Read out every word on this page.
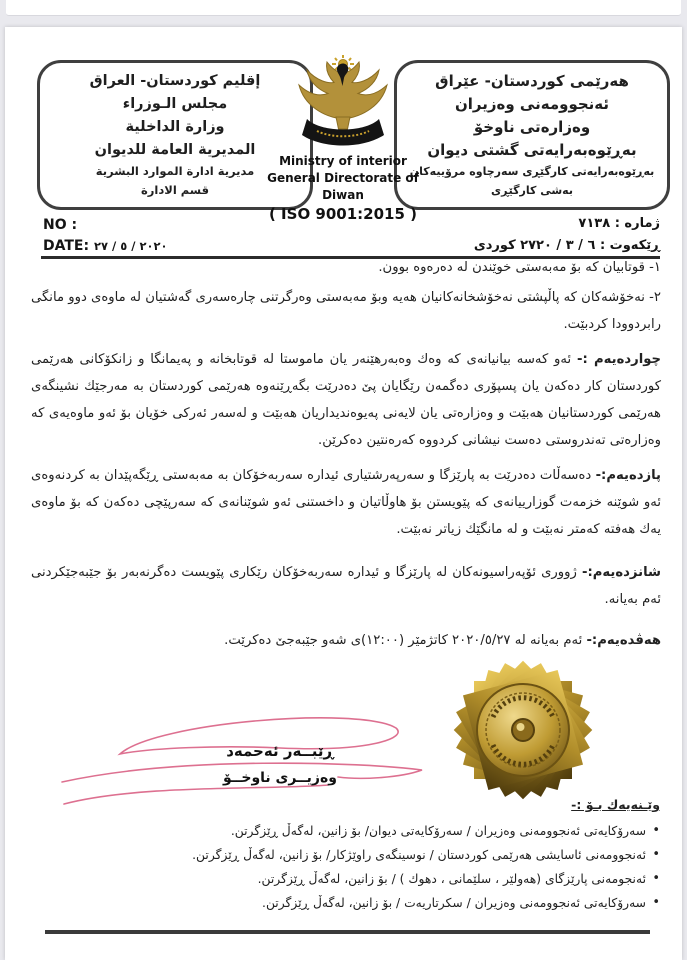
هەرێمی کوردستان- عێراق
ئەنجوومەنی وەزیران
وەزارەتی ناوخۆ
بەڕێوەبەرایەتی گشتی دیوان
بەڕێوەبەرایەتی کارگێڕی سەرچاوە مرۆییەکان
بەشی کارگێڕی
إقليم كوردستان- العراق
مجلس الـوزراء
وزارة الداخلية
المديرية العامة للديوان
مديرية ادارة الموارد البشرية
قسم الادارة
Ministry of interior
General Directorate of Diwan
( ISO 9001:2015 )
NO :
DATE: ٢٠٢٠ / ٥ / ٢٧
ژمارە : ٧١٣٨
ڕێکەوت : ٦ / ٣ / ٢٧٢٠ کوردی

١- قوتابیان کە بۆ مەبەستی خوێندن لە دەرەوە بوون.

٢- نەخۆشەکان کە پاڵپشتی نەخۆشخانەکانیان هەیە وبۆ مەبەستی وەرگرتنی چارەسەری گەشتیان لە ماوەی دوو مانگی رابردوودا کردبێت.

چواردەیەم :- ئەو کەسە بیانیانەی کە وەك وەبەرهێنەر یان ماموستا لە قوتابخانە و پەیمانگا و زانکۆکانی هەرێمی کوردستان کار دەکەن یان پسپۆری دەگمەن رێگایان پێ دەدرێت بگەڕێنەوە هەرێمی کوردستان بە مەرجێك نشینگەی هەرێمی کوردستانیان هەبێت و وەزارەتی یان لایەنی پەیوەندیداریان هەبێت و لەسەر ئەرکی خۆیان بۆ ئەو ماوەیەی کە وەزارەتی تەندروستی دەست نیشانی کردووە کەرەنتین دەکرێن.

پازدەیەم:- دەسەڵات دەدرێت بە پارێزگا و سەرپەرشتیاری ئیدارە سەربەخۆکان بە مەبەستی ڕێگەپێدان بە کردنەوەی ئەو شوێنە خزمەت گوزارییانەی کە پێویستن بۆ هاوڵاتیان و داخستنی ئەو شوێنانەی کە سەرپێچی دەکەن کە بۆ ماوەی یەك هەفتە کەمتر نەبێت و لە مانگێك زیاتر نەبێت.

شانزدەیەم:- ژووری ئۆپەراسیونەکان لە پارێزگا و ئیدارە سەربەخۆکان رێکاری پێویست دەگرنەبەر بۆ جێبەجێکردنی ئەم بەیانە.

هەڤدەیەم:- ئەم بەیانە لە ٢٠٢٠/٥/٢٧ کاتژمێر (١٢:٠٠)ی شەو جێبەجێ دەکرێت.

ڕێبــەر ئەحمەد
وەزیــری ناوخــۆ
وێـنەیەك بـۆ :-
•
سەرۆکایەتی ئەنجوومەنی وەزیران / سەرۆکایەتی دیوان/ بۆ زانین، لەگەڵ ڕێزگرتن.
•
ئەنجوومەنی ئاسایشی هەرێمی کوردستان / نوسینگەی راوێژکار/ بۆ زانین، لەگەڵ ڕێزگرتن.
•
ئەنجومەنی پارێزگای (هەولێر ، سلێمانی ، دهوك ) / بۆ زانین، لەگەڵ ڕێزگرتن.
•
سەرۆکایەتی ئەنجوومەنی وەزیران / سکرتاریەت / بۆ زانین، لەگەڵ ڕێزگرتن.
